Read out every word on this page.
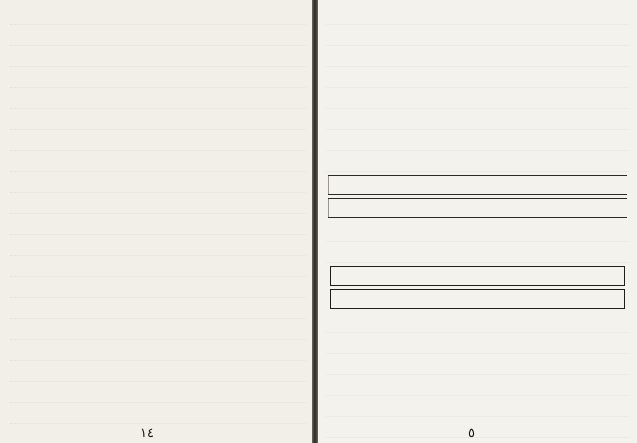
١٤	٥
